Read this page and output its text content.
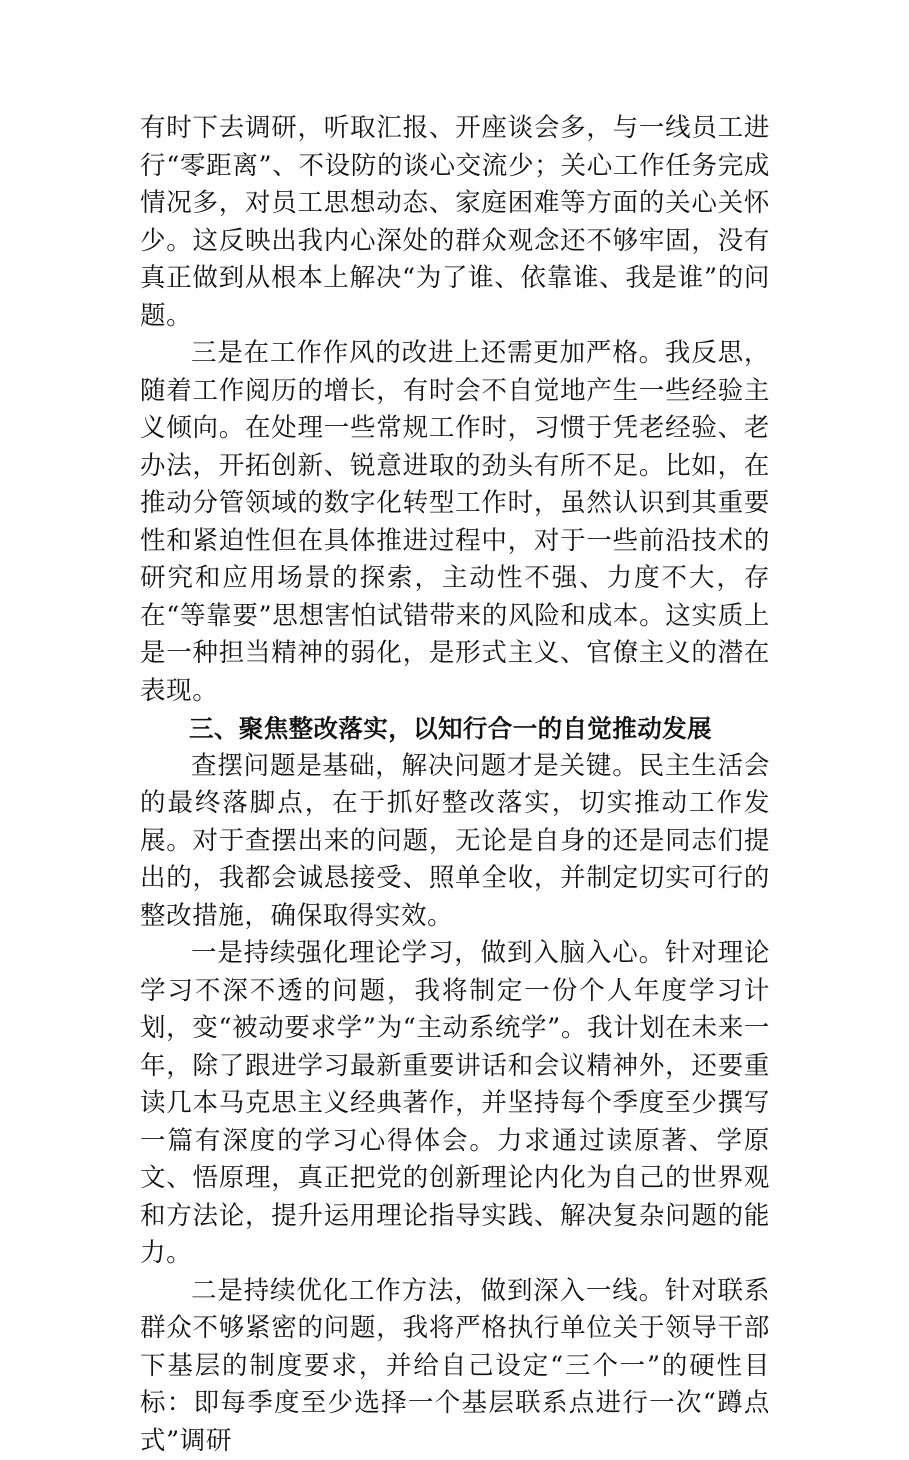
有时下去调研，听取汇报、开座谈会多，与一线员工进行“零距离”、不设防的谈心交流少；关心工作任务完成情况多，对员工思想动态、家庭困难等方面的关心关怀少。这反映出我内心深处的群众观念还不够牢固，没有真正做到从根本上解决“为了谁、依靠谁、我是谁”的问题。

三是在工作作风的改进上还需更加严格。我反思，随着工作阅历的增长，有时会不自觉地产生一些经验主义倾向。在处理一些常规工作时，习惯于凭老经验、老办法，开拓创新、锐意进取的劲头有所不足。比如，在推动分管领域的数字化转型工作时，虽然认识到其重要性和紧迫性但在具体推进过程中，对于一些前沿技术的研究和应用场景的探索，主动性不强、力度不大，存在“等靠要”思想害怕试错带来的风险和成本。这实质上是一种担当精神的弱化，是形式主义、官僚主义的潜在表现。

三、聚焦整改落实，以知行合一的自觉推动发展

查摆问题是基础，解决问题才是关键。民主生活会的最终落脚点，在于抓好整改落实，切实推动工作发展。对于查摆出来的问题，无论是自身的还是同志们提出的，我都会诚恳接受、照单全收，并制定切实可行的整改措施，确保取得实效。

一是持续强化理论学习，做到入脑入心。针对理论学习不深不透的问题，我将制定一份个人年度学习计划，变“被动要求学”为“主动系统学”。我计划在未来一年，除了跟进学习最新重要讲话和会议精神外，还要重读几本马克思主义经典著作，并坚持每个季度至少撰写一篇有深度的学习心得体会。力求通过读原著、学原文、悟原理，真正把党的创新理论内化为自己的世界观和方法论，提升运用理论指导实践、解决复杂问题的能力。

二是持续优化工作方法，做到深入一线。针对联系群众不够紧密的问题，我将严格执行单位关于领导干部下基层的制度要求，并给自己设定“三个一”的硬性目标：即每季度至少选择一个基层联系点进行一次“蹲点式”调研
